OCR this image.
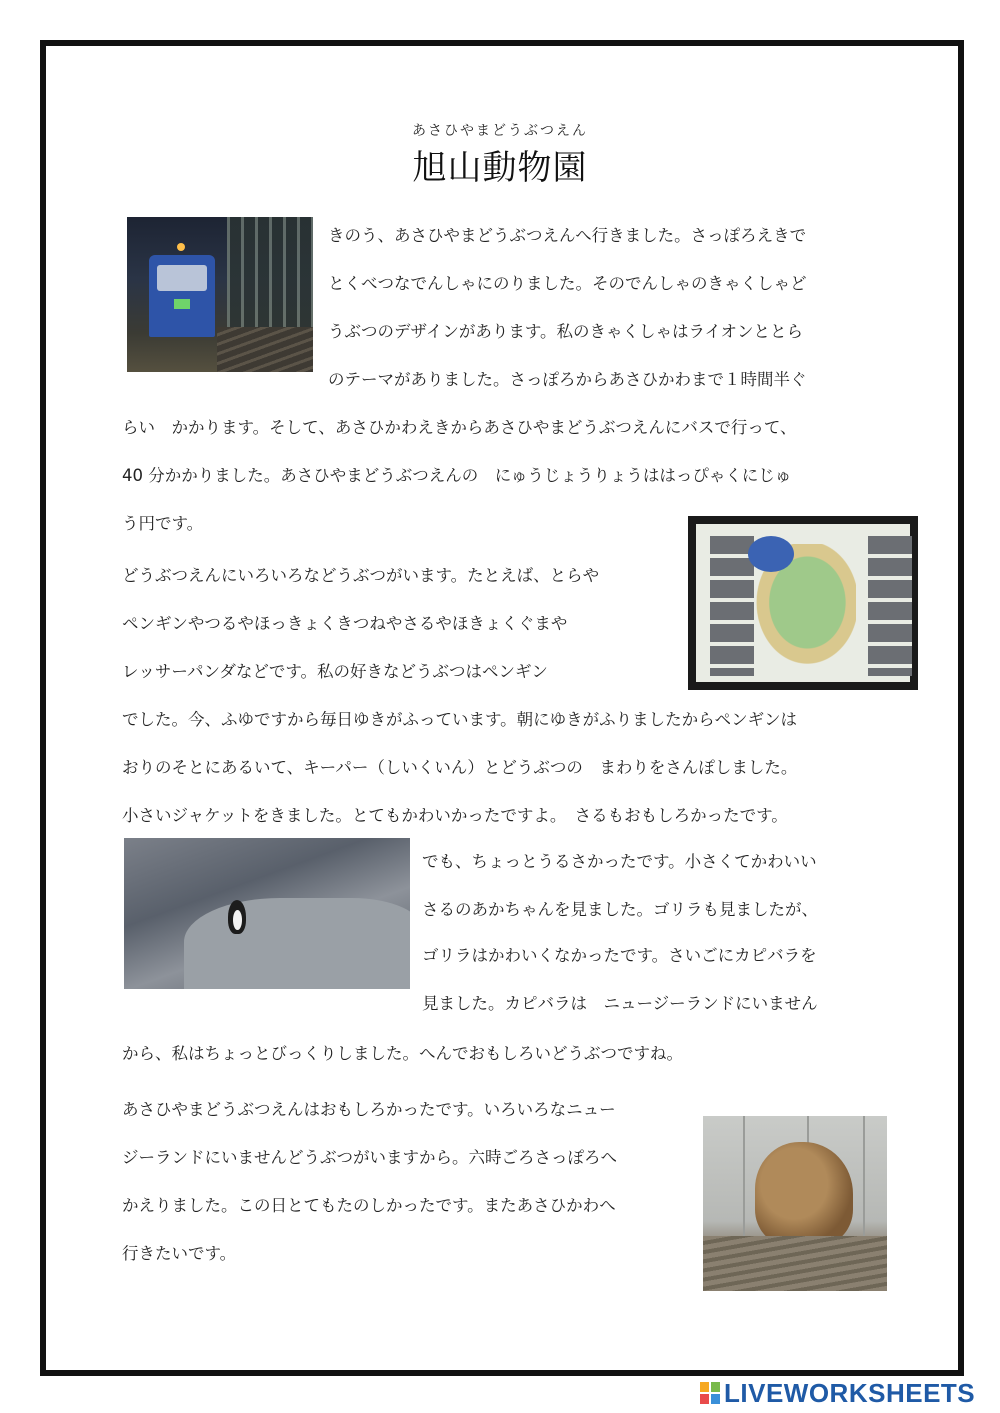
あさひやまどうぶつえん
旭山動物園
きのう、あさひやまどうぶつえんへ行きました。さっぽろえきで
とくべつなでんしゃにのりました。そのでんしゃのきゃくしゃど
うぶつのデザインがあります。私のきゃくしゃはライオンととら
のテーマがありました。さっぽろからあさひかわまで１時間半ぐ
らい　かかります。そして、あさひかわえきからあさひやまどうぶつえんにバスで行って、
40 分かかりました。あさひやまどうぶつえんの　にゅうじょうりょうははっぴゃくにじゅ
う円です。
どうぶつえんにいろいろなどうぶつがいます。たとえば、とらや
ペンギンやつるやほっきょくきつねやさるやほきょくぐまや
レッサーパンダなどです。私の好きなどうぶつはペンギン
でした。今、ふゆですから毎日ゆきがふっています。朝にゆきがふりましたからペンギンは
おりのそとにあるいて、キーパー（しいくいん）とどうぶつの　まわりをさんぽしました。
小さいジャケットをきました。とてもかわいかったですよ。　さるもおもしろかったです。
でも、ちょっとうるさかったです。小さくてかわいい
さるのあかちゃんを見ました。ゴリラも見ましたが、
ゴリラはかわいくなかったです。さいごにカピバラを
見ました。カピバラは　ニュージーランドにいません
から、私はちょっとびっくりしました。へんでおもしろいどうぶつですね。
あさひやまどうぶつえんはおもしろかったです。いろいろなニュー
ジーランドにいませんどうぶつがいますから。六時ごろさっぽろへ
かえりました。この日とてもたのしかったです。またあさひかわへ
行きたいです。
LIVEWORKSHEETS
